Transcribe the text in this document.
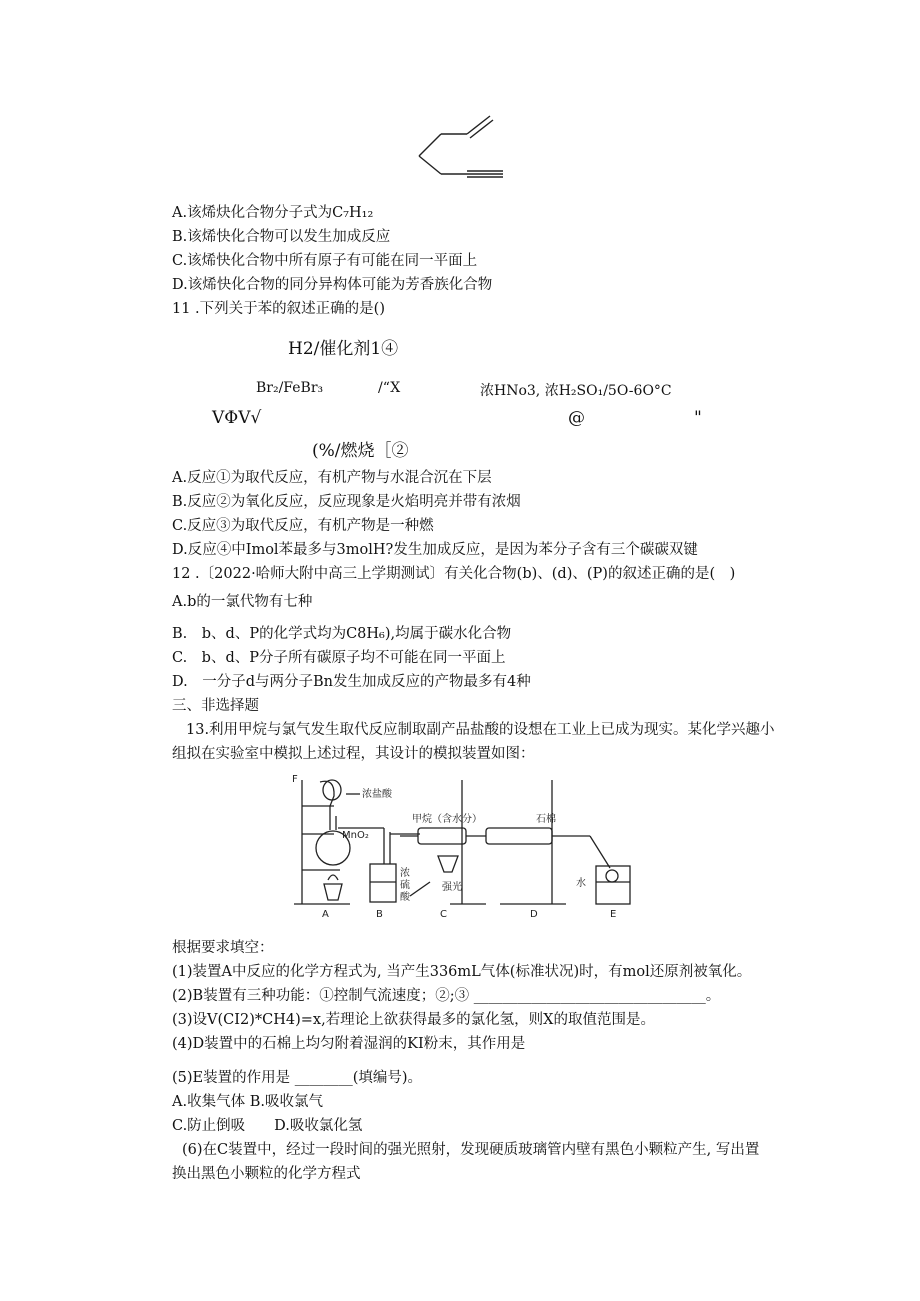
A.该烯炔化合物分子式为C₇H₁₂
B.该烯快化合物可以发生加成反应
C.该烯快化合物中所有原子有可能在同一平面上
D.该烯快化合物的同分异构体可能为芳香族化合物
11 .下列关于苯的叙述正确的是()
H2/催化剂1④
Br₂/FeBr₃	/“X	浓HNo3, 浓H₂SO₁/5O-6O°C
VΦV√	@	"
(%/燃烧［②
A.反应①为取代反应，有机产物与水混合沉在下层
B.反应②为氧化反应，反应现象是火焰明亮并带有浓烟
C.反应③为取代反应，有机产物是一种燃
D.反应④中Imol苯最多与3molH?发生加成反应，是因为苯分子含有三个碳碳双键
12 .〔2022·哈师大附中高三上学期测试〕有关化合物(b)、(d)、(P)的叙述正确的是(　)
A.b的一氯代物有七种
B.　b、d、P的化学式均为C8H₆),均属于碳水化合物
C.　b、d、P分子所有碳原子均不可能在同一平面上
D.　一分子d与两分子Bn发生加成反应的产物最多有4种
三、非选择题
13.利用甲烷与氯气发生取代反应制取副产品盐酸的设想在工业上已成为现实。某化学兴趣小
组拟在实验室中模拟上述过程，其设计的模拟装置如图：
F
浓盐酸
MnO₂
甲烷（含水分）	石棉
浓
硫
酸
强光	水
A	B	C	D	E
根据要求填空：
(1)装置A中反应的化学方程式为, 当产生336mL气体(标准状况)时，有mol还原剂被氧化。
(2)B装置有三种功能：①控制气流速度；②;③ ________________________________。
(3)设V(CI2)*CH4)=x,若理论上欲获得最多的氯化氢，则X的取值范围是。
(4)D装置中的石棉上均匀附着湿润的KI粉末，其作用是
(5)E装置的作用是 ________(填编号)。
A.收集气体 B.吸收氯气
C.防止倒吸　　D.吸收氯化氢
(6)在C装置中，经过一段时间的强光照射，发现硬质玻璃管内壁有黑色小颗粒产生, 写出置
换出黑色小颗粒的化学方程式
